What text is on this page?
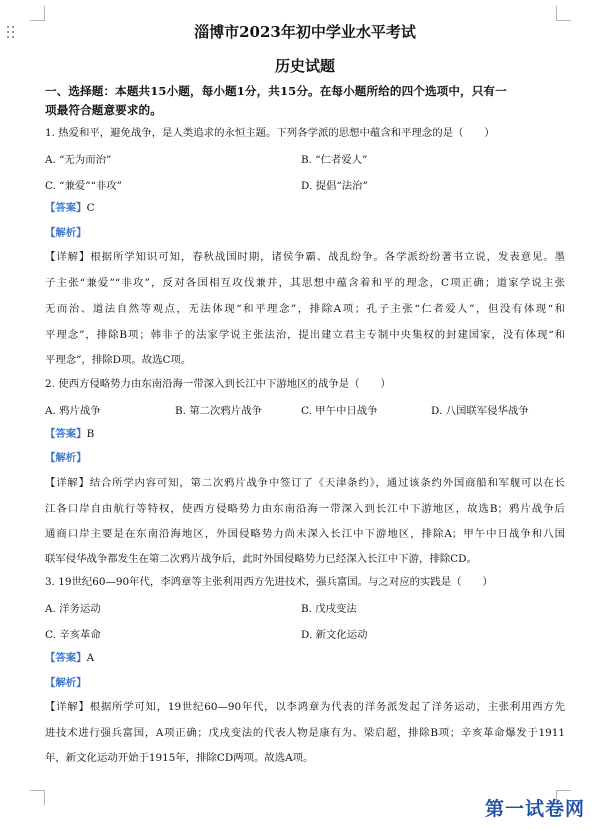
淄博市2023年初中学业水平考试
历史试题
一、选择题：本题共15小题，每小题1分，共15分。在每小题所给的四个选项中，只有一
项最符合题意要求的。
1. 热爱和平，避免战争，是人类追求的永恒主题。下列各学派的思想中蕴含和平理念的是（　　）
A. “无为而治”	B. “仁者爱人”
C. “兼爱”“非攻”	D. 提倡“法治”
【答案】C
【解析】
【详解】根据所学知识可知，春秋战国时期，诸侯争霸、战乱纷争。各学派纷纷著书立说，发表意见。墨
子主张“兼爱”“非攻”，反对各国相互攻伐兼并，其思想中蕴含着和平的理念，C项正确；道家学说主张
无而治、道法自然等观点，无法体现“和平理念”，排除A项；孔子主张“仁者爱人”，但没有体现“和
平理念”，排除B项；韩非子的法家学说主张法治，提出建立君主专制中央集权的封建国家，没有体现“和
平理念”，排除D项。故选C项。
2. 使西方侵略势力由东南沿海一带深入到长江中下游地区的战争是（　　）
A. 鸦片战争	B. 第二次鸦片战争	C. 甲午中日战争	D. 八国联军侵华战争
【答案】B
【解析】
【详解】结合所学内容可知，第二次鸦片战争中签订了《天津条约》，通过该条约外国商船和军舰可以在长
江各口岸自由航行等特权，使西方侵略势力由东南沿海一带深入到长江中下游地区，故选B；鸦片战争后
通商口岸主要是在东南沿海地区，外国侵略势力尚未深入长江中下游地区，排除A；甲午中日战争和八国
联军侵华战争都发生在第二次鸦片战争后，此时外国侵略势力已经深入长江中下游，排除CD。
3. 19世纪60—90年代，李鸿章等主张利用西方先进技术，强兵富国。与之对应的实践是（　　）
A. 洋务运动	B. 戊戌变法
C. 辛亥革命	D. 新文化运动
【答案】A
【解析】
【详解】根据所学可知，19世纪60—90年代，以李鸿章为代表的洋务派发起了洋务运动，主张利用西方先
进技术进行强兵富国，A项正确；戊戌变法的代表人物是康有为、梁启超，排除B项；辛亥革命爆发于1911
年，新文化运动开始于1915年，排除CD两项。故选A项。
第一试卷网
